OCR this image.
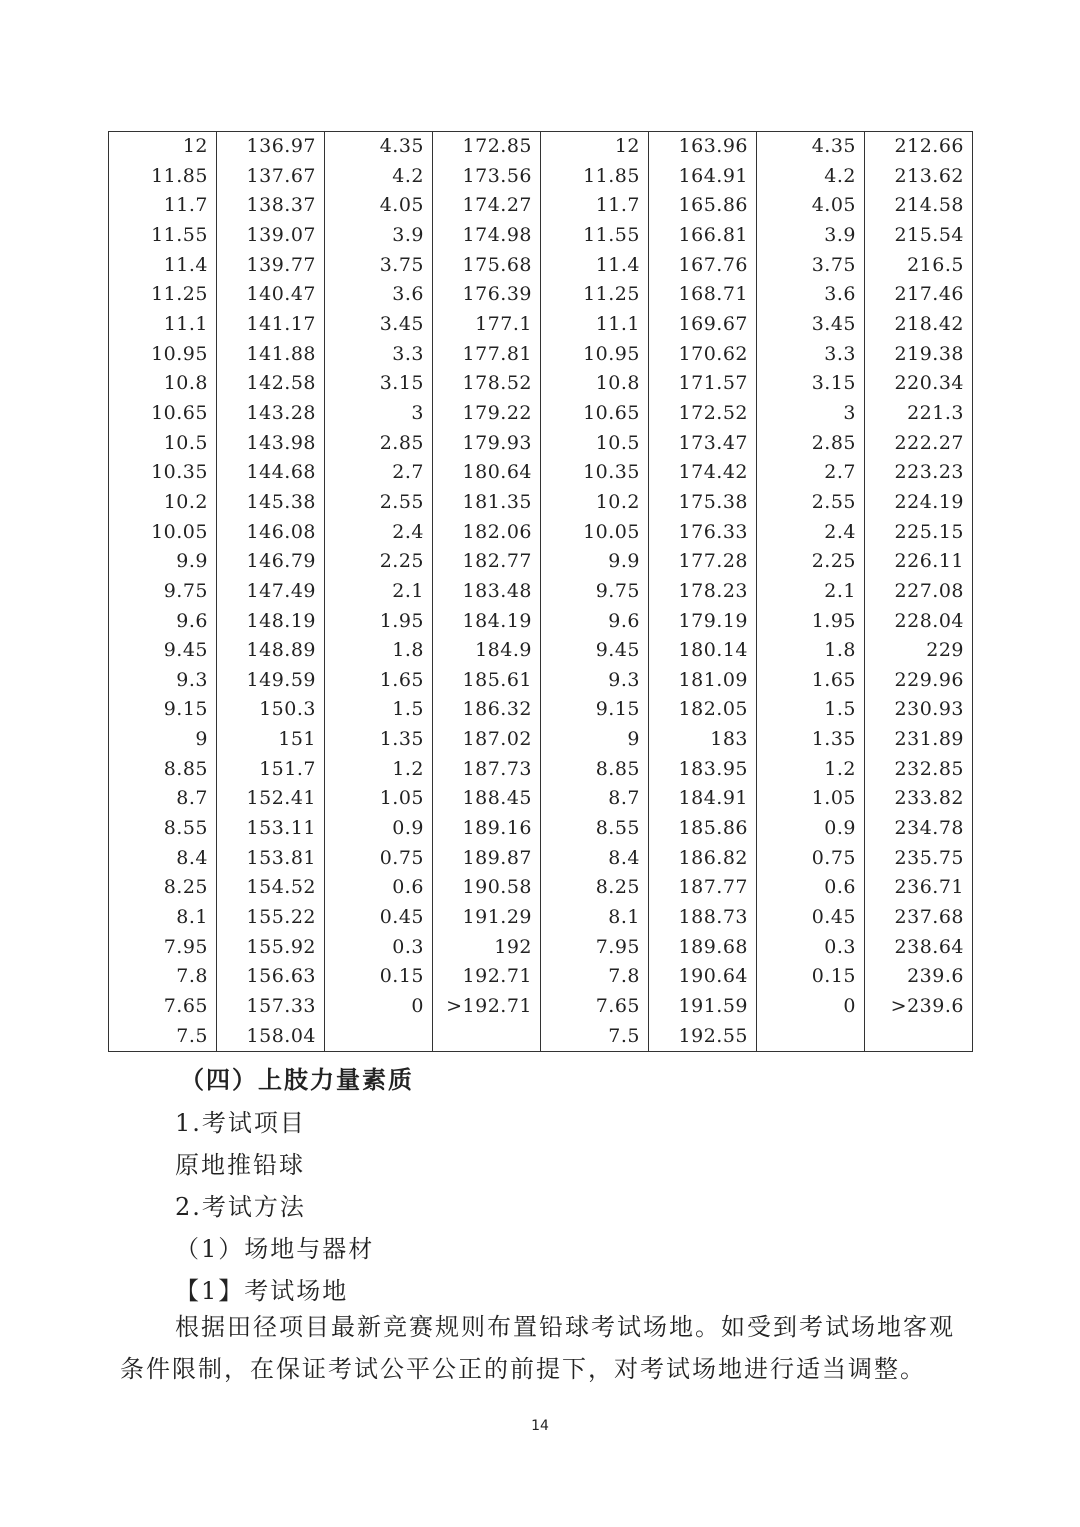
12	136.97	4.35	172.85	12	163.96	4.35	212.66
11.85	137.67	4.2	173.56	11.85	164.91	4.2	213.62
11.7	138.37	4.05	174.27	11.7	165.86	4.05	214.58
11.55	139.07	3.9	174.98	11.55	166.81	3.9	215.54
11.4	139.77	3.75	175.68	11.4	167.76	3.75	216.5
11.25	140.47	3.6	176.39	11.25	168.71	3.6	217.46
11.1	141.17	3.45	177.1	11.1	169.67	3.45	218.42
10.95	141.88	3.3	177.81	10.95	170.62	3.3	219.38
10.8	142.58	3.15	178.52	10.8	171.57	3.15	220.34
10.65	143.28	3	179.22	10.65	172.52	3	221.3
10.5	143.98	2.85	179.93	10.5	173.47	2.85	222.27
10.35	144.68	2.7	180.64	10.35	174.42	2.7	223.23
10.2	145.38	2.55	181.35	10.2	175.38	2.55	224.19
10.05	146.08	2.4	182.06	10.05	176.33	2.4	225.15
9.9	146.79	2.25	182.77	9.9	177.28	2.25	226.11
9.75	147.49	2.1	183.48	9.75	178.23	2.1	227.08
9.6	148.19	1.95	184.19	9.6	179.19	1.95	228.04
9.45	148.89	1.8	184.9	9.45	180.14	1.8	229
9.3	149.59	1.65	185.61	9.3	181.09	1.65	229.96
9.15	150.3	1.5	186.32	9.15	182.05	1.5	230.93
9	151	1.35	187.02	9	183	1.35	231.89
8.85	151.7	1.2	187.73	8.85	183.95	1.2	232.85
8.7	152.41	1.05	188.45	8.7	184.91	1.05	233.82
8.55	153.11	0.9	189.16	8.55	185.86	0.9	234.78
8.4	153.81	0.75	189.87	8.4	186.82	0.75	235.75
8.25	154.52	0.6	190.58	8.25	187.77	0.6	236.71
8.1	155.22	0.45	191.29	8.1	188.73	0.45	237.68
7.95	155.92	0.3	192	7.95	189.68	0.3	238.64
7.8	156.63	0.15	192.71	7.8	190.64	0.15	239.6
7.65	157.33	0	>192.71	7.65	191.59	0	>239.6
7.5	158.04			7.5	192.55		
（四）上肢力量素质
1.考试项目
原地推铅球
2.考试方法
（1）场地与器材
【1】考试场地
根据田径项目最新竞赛规则布置铅球考试场地。如受到考试场地客观条件限制，在保证考试公平公正的前提下，对考试场地进行适当调整。
14
